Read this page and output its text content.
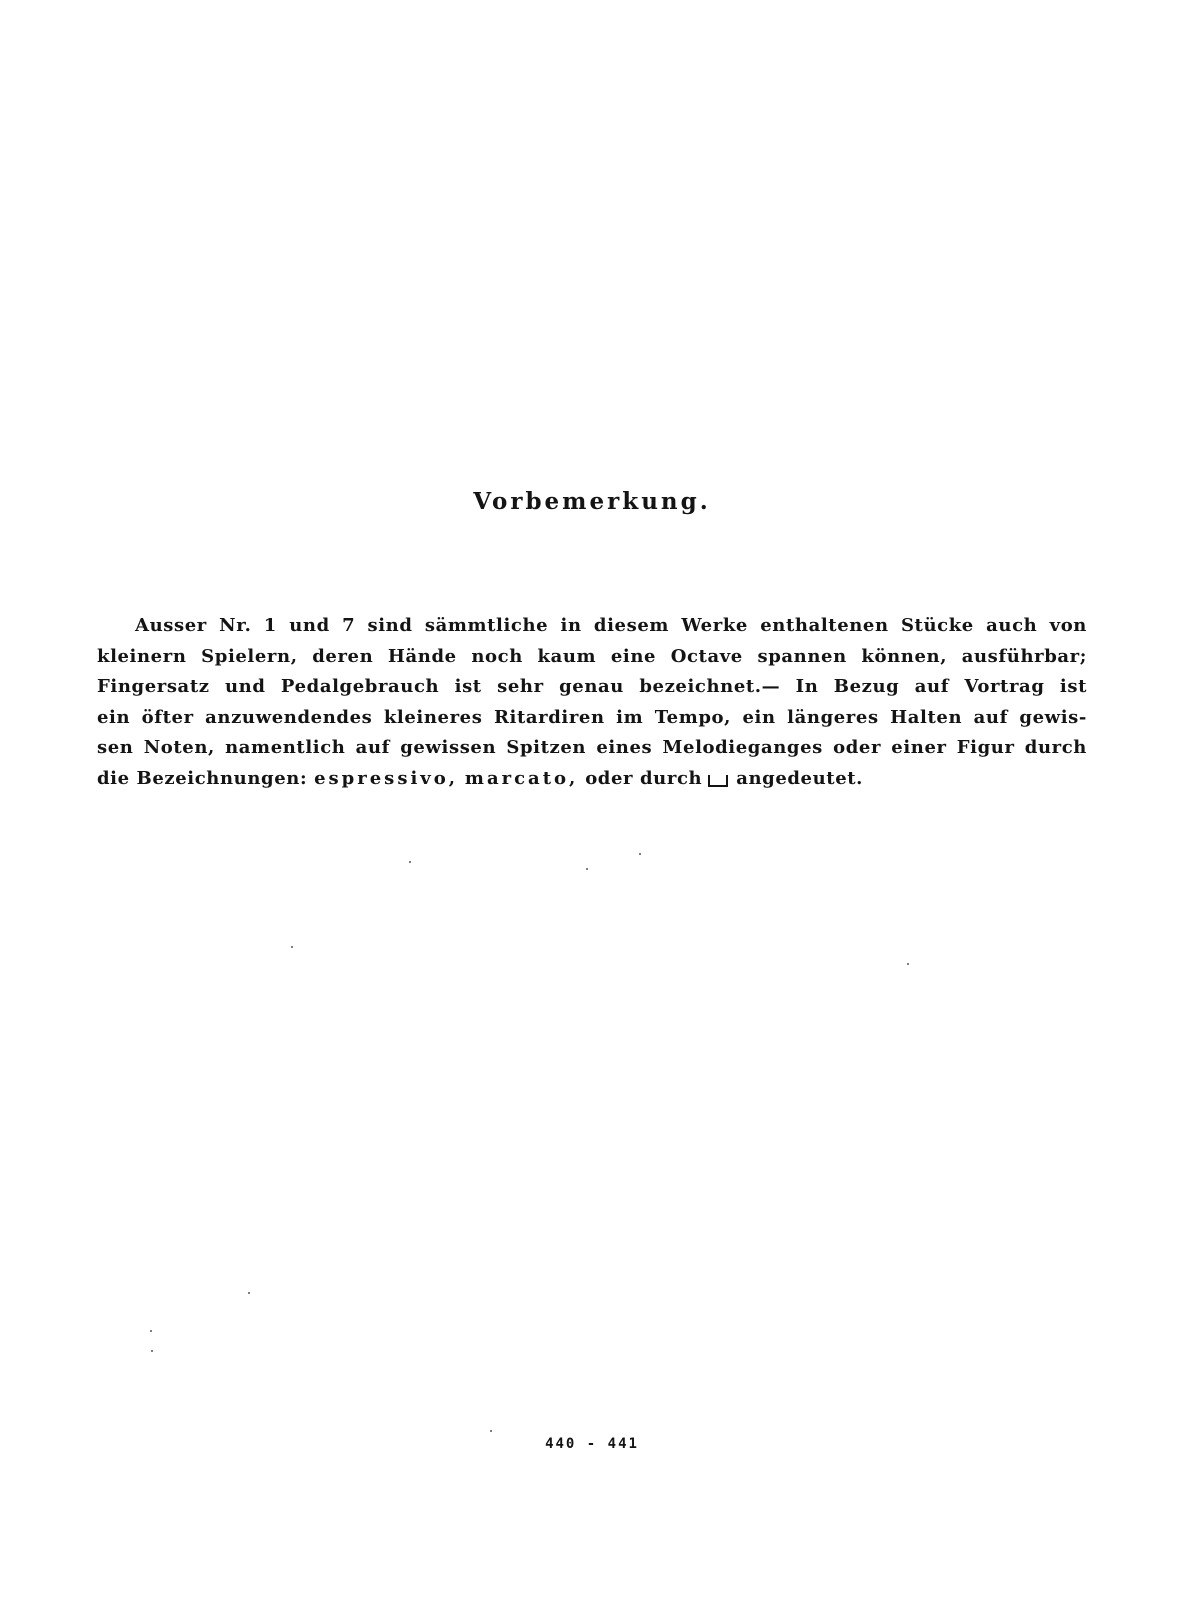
Vorbemerkung.
Ausser Nr. 1 und 7 sind sämmtliche in diesem Werke enthaltenen Stücke auch von
kleinern Spielern, deren Hände noch kaum eine Octave spannen können, ausführbar;
Fingersatz und Pedalgebrauch ist sehr genau bezeichnet.— In Bezug auf Vortrag ist
ein öfter anzuwendendes kleineres Ritardiren im Tempo, ein längeres Halten auf gewis-
sen Noten, namentlich auf gewissen Spitzen eines Melodieganges oder einer Figur durch
die Bezeichnungen: espressivo, marcato, oder durch angedeutet.

440 - 441
